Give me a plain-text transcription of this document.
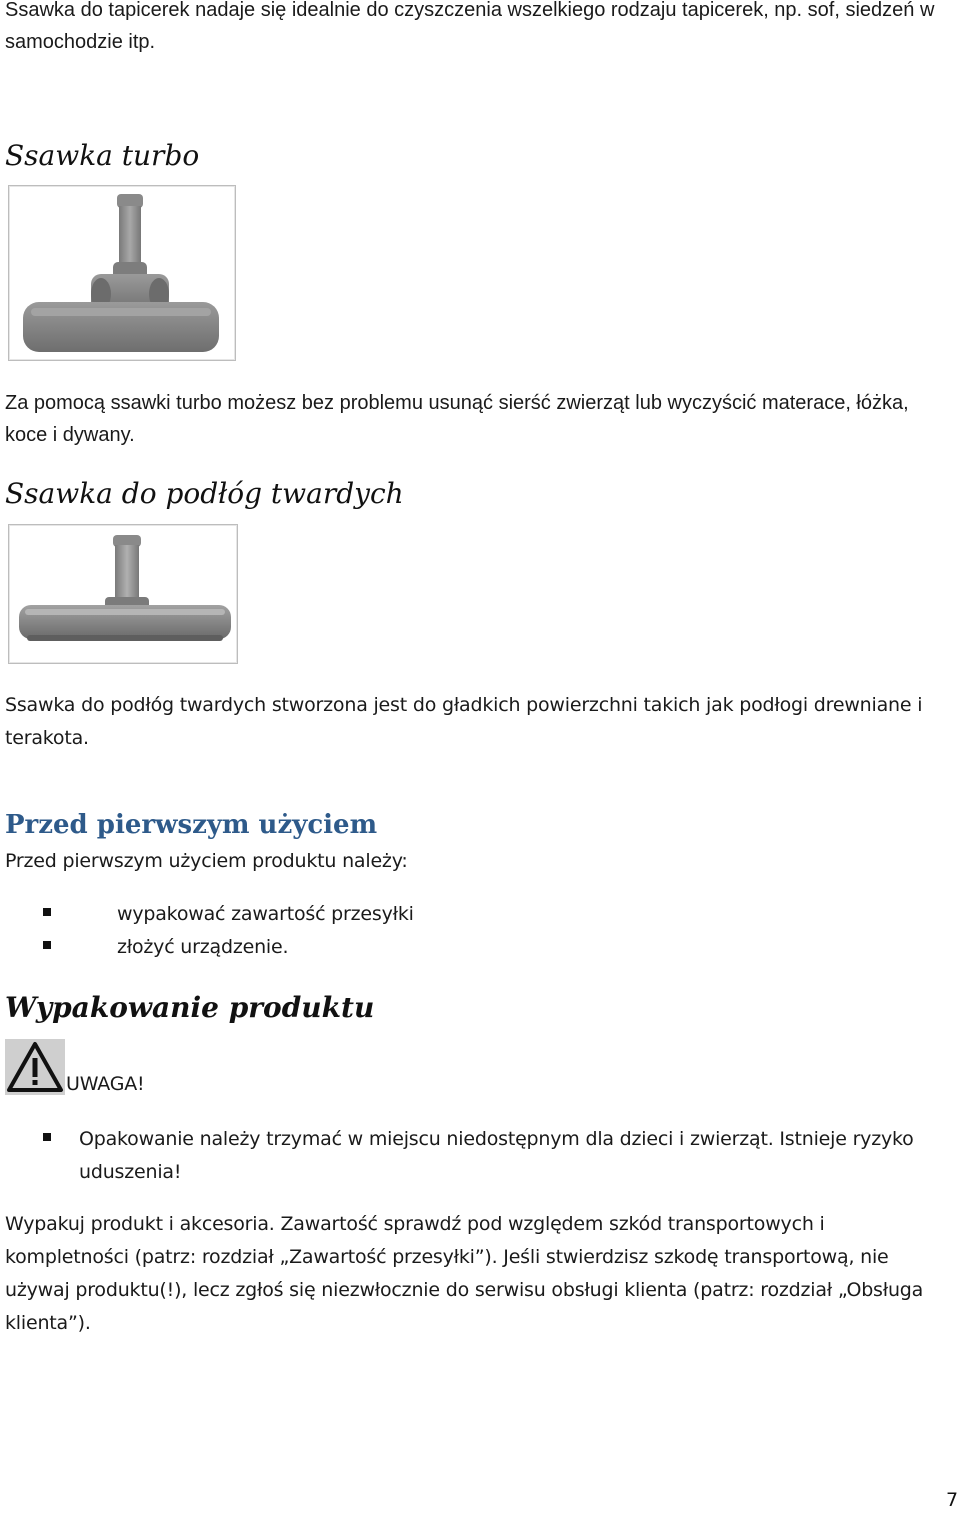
Ssawka do tapicerek nadaje się idealnie do czyszczenia wszelkiego rodzaju tapicerek, np. sof, siedzeń w samochodzie itp.
Ssawka turbo
Za pomocą ssawki turbo możesz bez problemu usunąć sierść zwierząt lub wyczyścić materace, łóżka, koce i dywany.
Ssawka do podłóg twardych
Ssawka do podłóg twardych stworzona jest do gładkich powierzchni takich jak podłogi drewniane i terakota.
Przed pierwszym użyciem
Przed pierwszym użyciem produktu należy:
wypakować zawartość przesyłki
złożyć urządzenie.
Wypakowanie produktu
UWAGA!
Opakowanie należy trzymać w miejscu niedostępnym dla dzieci i zwierząt. Istnieje ryzyko uduszenia!
Wypakuj produkt i akcesoria. Zawartość sprawdź pod względem szkód transportowych i kompletności (patrz: rozdział „Zawartość przesyłki”). Jeśli stwierdzisz szkodę transportową, nie używaj produktu(!), lecz zgłoś się niezwłocznie do serwisu obsługi klienta (patrz: rozdział „Obsługa klienta”).
7
